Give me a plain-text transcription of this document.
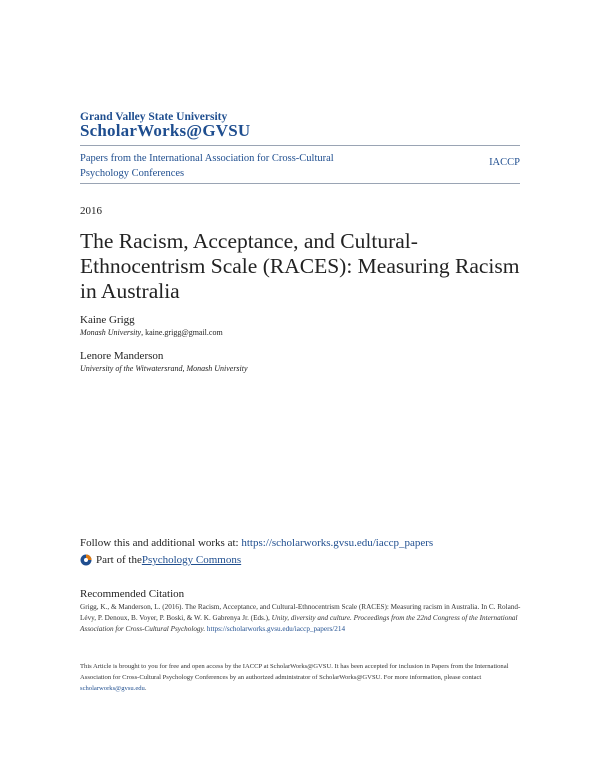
Grand Valley State University
ScholarWorks@GVSU
Papers from the International Association for Cross-Cultural Psychology Conferences
IACCP
2016
The Racism, Acceptance, and Cultural-Ethnocentrism Scale (RACES): Measuring Racism in Australia
Kaine Grigg
Monash University, kaine.grigg@gmail.com
Lenore Manderson
University of the Witwatersrand, Monash University
Follow this and additional works at: https://scholarworks.gvsu.edu/iaccp_papers
Part of the Psychology Commons
Recommended Citation
Grigg, K., & Manderson, L. (2016). The Racism, Acceptance, and Cultural-Ethnocentrism Scale (RACES): Measuring racism in Australia. In C. Roland-Lévy, P. Denoux, B. Voyer, P. Boski, & W. K. Gabrenya Jr. (Eds.), Unity, diversity and culture. Proceedings from the 22nd Congress of the International Association for Cross-Cultural Psychology. https://scholarworks.gvsu.edu/iaccp_papers/214
This Article is brought to you for free and open access by the IACCP at ScholarWorks@GVSU. It has been accepted for inclusion in Papers from the International Association for Cross-Cultural Psychology Conferences by an authorized administrator of ScholarWorks@GVSU. For more information, please contact scholarworks@gvsu.edu.
